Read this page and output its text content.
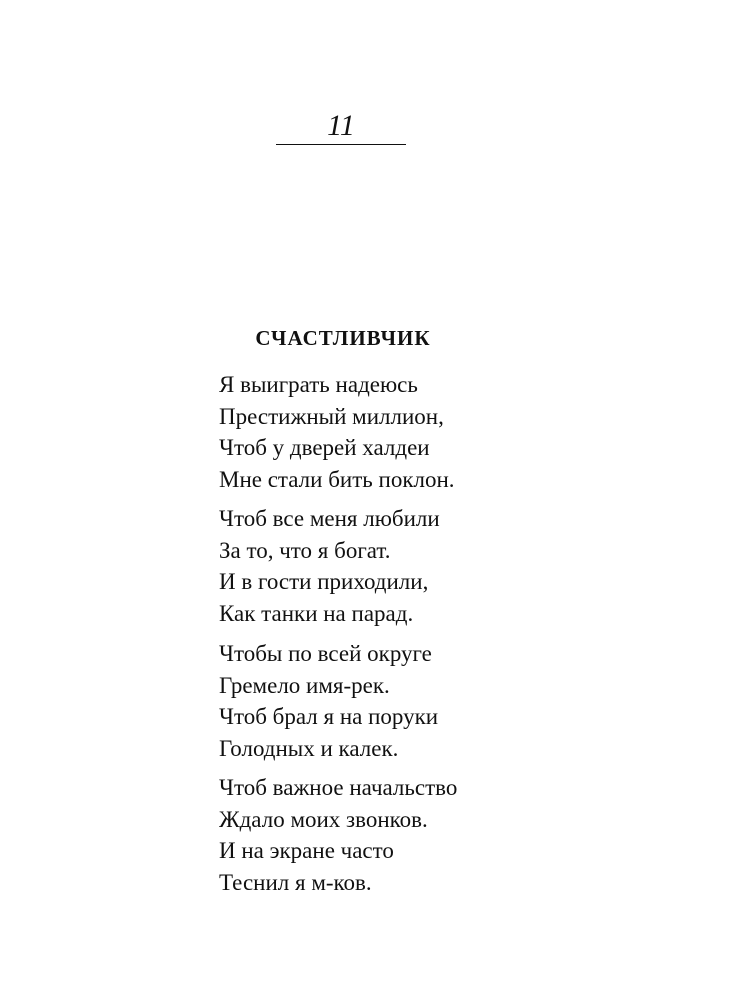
11
СЧАСТЛИВЧИК
Я выиграть надеюсь
Престижный миллион,
Чтоб у дверей халдеи
Мне стали бить поклон.
Чтоб все меня любили
За то, что я богат.
И в гости приходили,
Как танки на парад.
Чтобы по всей округе
Гремело имя-рек.
Чтоб брал я на поруки
Голодных и калек.
Чтоб важное начальство
Ждало моих звонков.
И на экране часто
Теснил я м-ков.
